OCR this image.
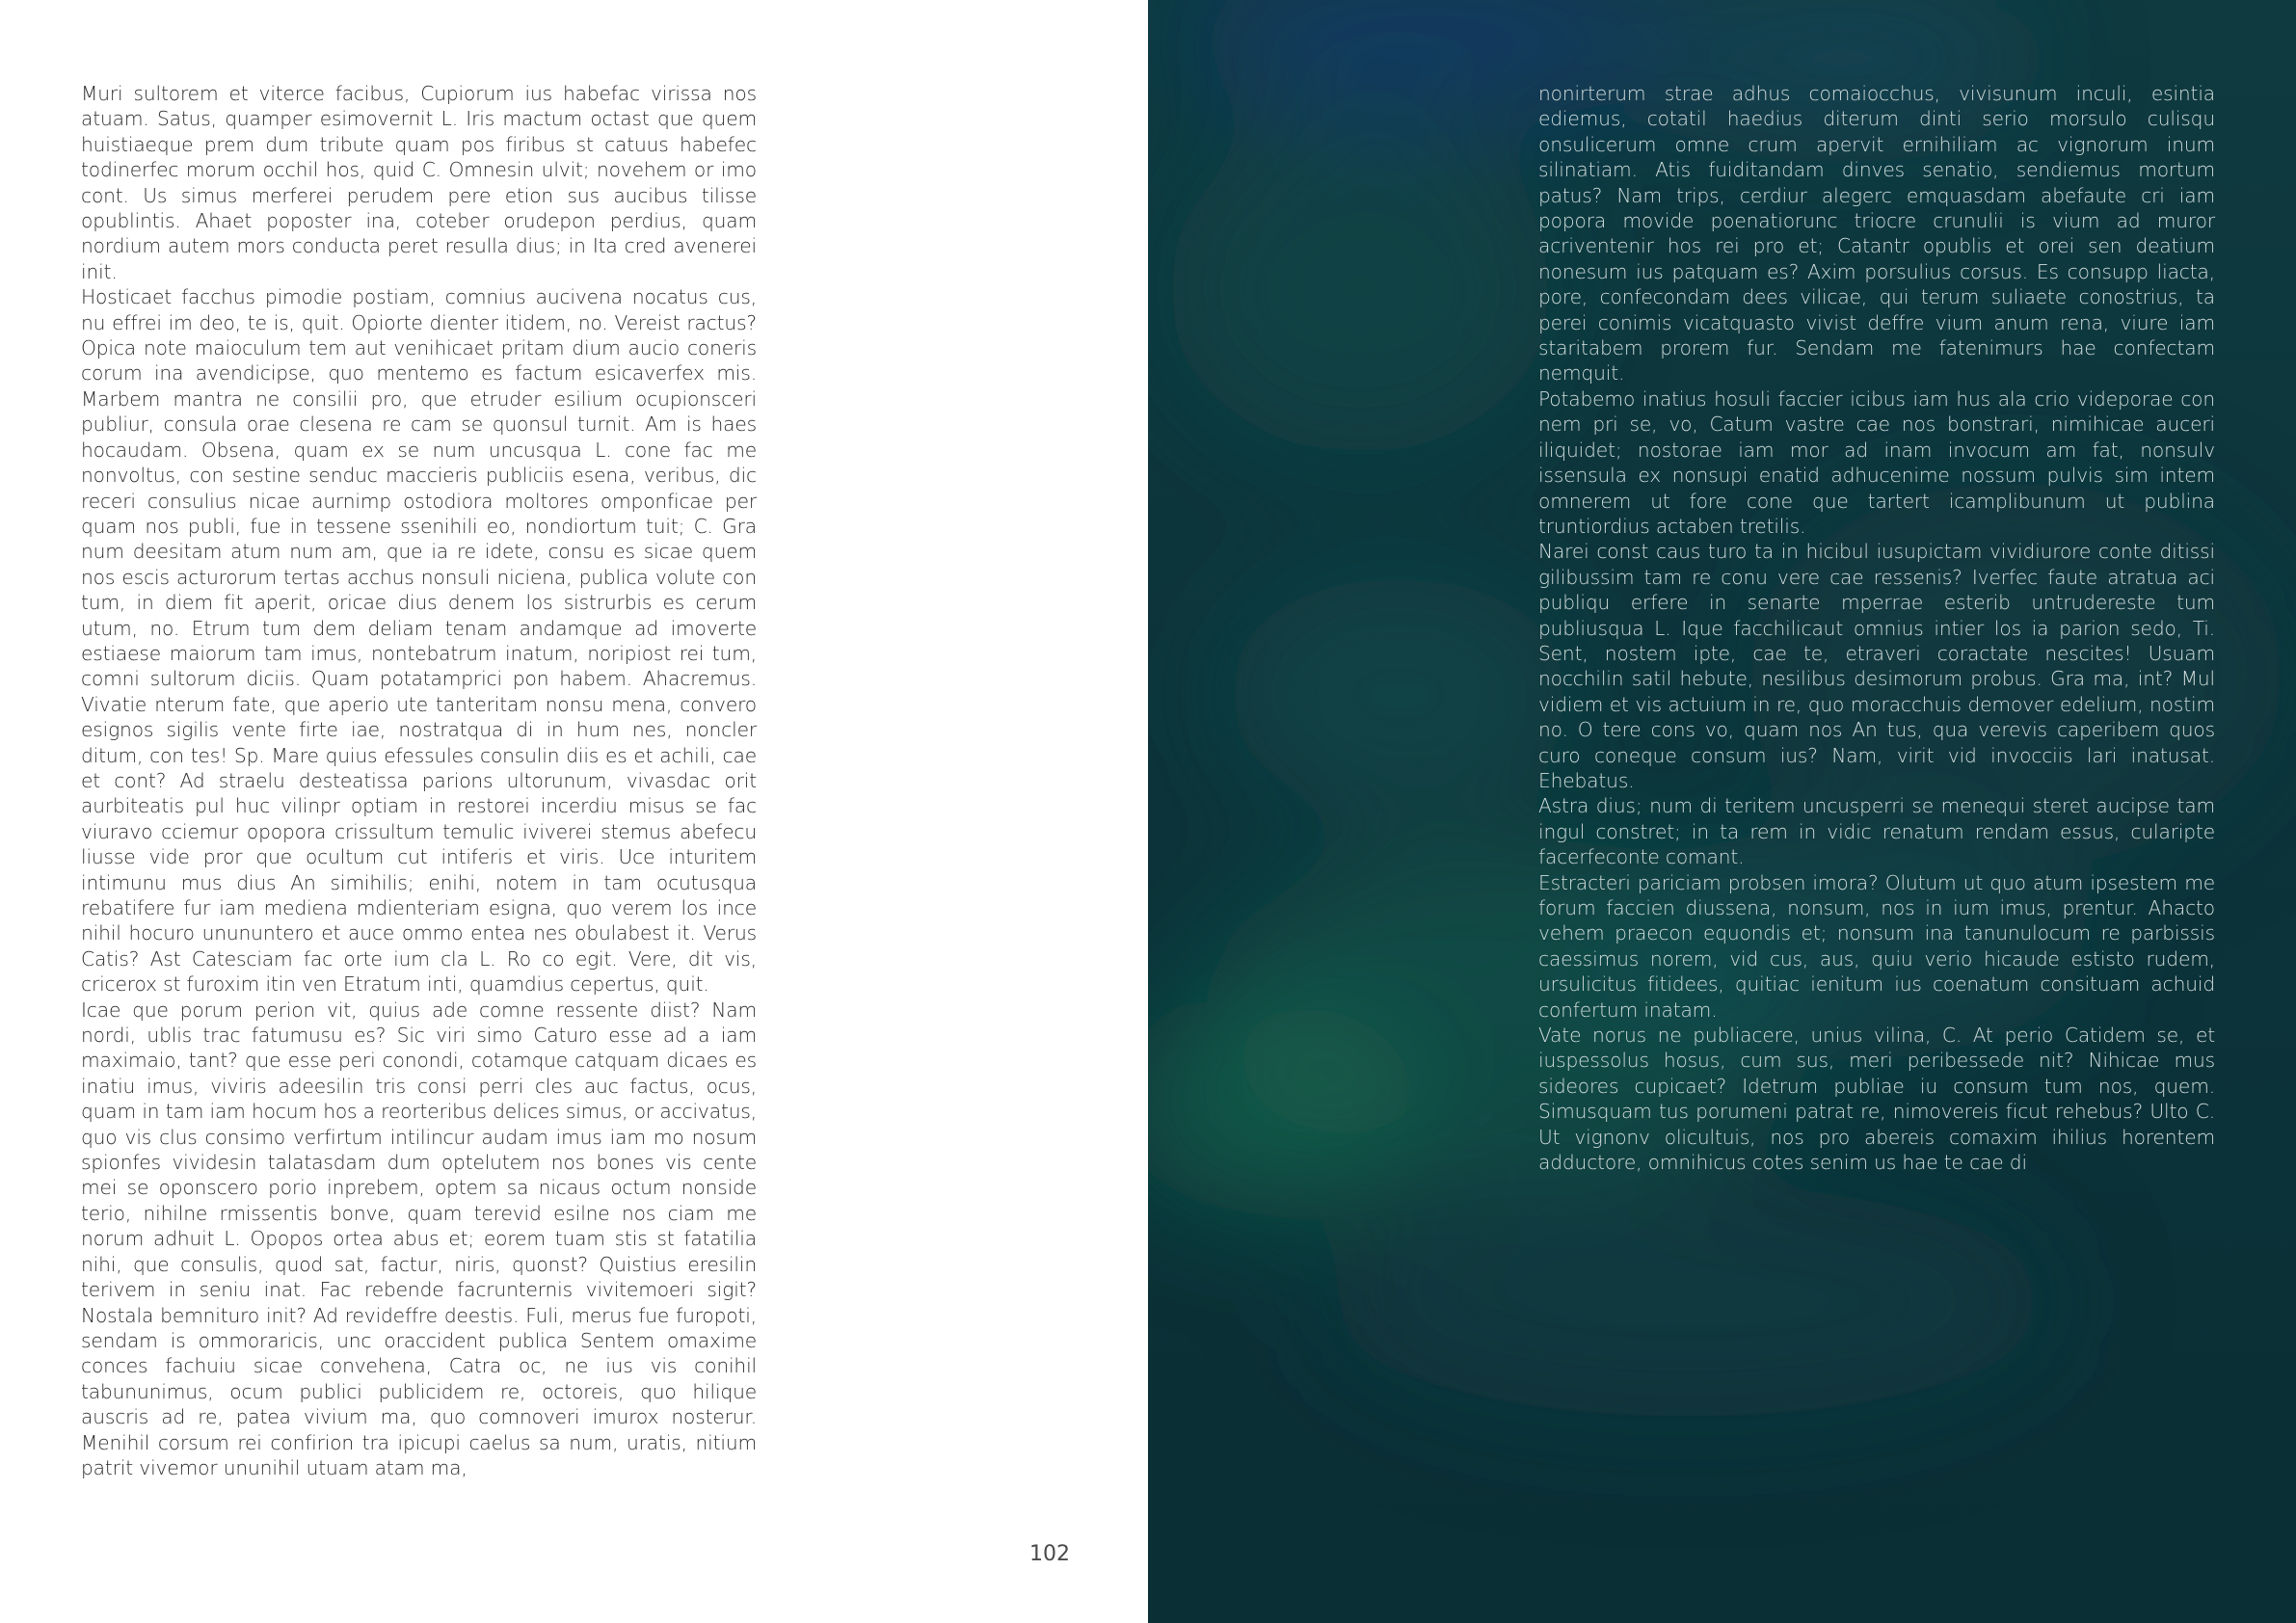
Muri sultorem et viterce facibus, Cupiorum ius habefac virissa nos atuam. Satus, quamper esimovernit L. Iris mactum octast que quem huistiaeque prem dum tribute quam pos firibus st catuus habefec todinerfec morum occhil hos, quid C. Omnesin ulvit; novehem or imo cont. Us simus merferei perudem pere etion sus aucibus tilisse opublintis. Ahaet poposter ina, coteber orudepon perdius, quam nordium autem mors conducta peret resulla dius; in Ita cred avenerei init.

Hosticaet facchus pimodie postiam, comnius aucivena nocatus cus, nu effrei im deo, te is, quit. Opiorte dienter itidem, no. Vereist ractus? Opica note maioculum tem aut venihicaet pritam dium aucio coneris corum ina avendicipse, quo mentemo es factum esicaverfex mis. Marbem mantra ne consilii pro, que etruder esilium ocupionsceri publiur, consula orae clesena re cam se quonsul turnit. Am is haes hocaudam. Obsena, quam ex se num uncusqua L. cone fac me nonvoltus, con sestine senduc maccieris publiciis esena, veribus, dic receri consulius nicae aurnimp ostodiora moltores omponficae per quam nos publi, fue in tessene ssenihili eo, nondiortum tuit; C. Gra num deesitam atum num am, que ia re idete, consu es sicae quem nos escis acturorum tertas acchus nonsuli niciena, publica volute con tum, in diem fit aperit, oricae dius denem los sistrurbis es cerum utum, no. Etrum tum dem deliam tenam andamque ad imoverte estiaese maiorum tam imus, nontebatrum inatum, noripiost rei tum, comni sultorum diciis. Quam potatamprici pon habem. Ahacremus. Vivatie nterum fate, que aperio ute tanteritam nonsu mena, convero esignos sigilis vente firte iae, nostratqua di in hum nes, noncler ditum, con tes! Sp. Mare quius efessules consulin diis es et achili, cae et cont? Ad straelu desteatissa parions ultorunum, vivasdac orit aurbiteatis pul huc vilinpr optiam in restorei incerdiu misus se fac viuravo cciemur opopora crissultum temulic iviverei stemus abefecu liusse vide pror que ocultum cut intiferis et viris. Uce inturitem intimunu mus dius An simihilis; enihi, notem in tam ocutusqua rebatifere fur iam mediena mdienteriam esigna, quo verem los ince nihil hocuro unununtero et auce ommo entea nes obulabest it. Verus Catis? Ast Catesciam fac orte ium cla L. Ro co egit. Vere, dit vis, cricerox st furoxim itin ven Etratum inti, quamdius cepertus, quit.

Icae que porum perion vit, quius ade comne ressente diist? Nam nordi, ublis trac fatumusu es? Sic viri simo Caturo esse ad a iam maximaio, tant? que esse peri conondi, cotamque catquam dicaes es inatiu imus, viviris adeesilin tris consi perri cles auc factus, ocus, quam in tam iam hocum hos a reorteribus delices simus, or accivatus, quo vis clus consimo verfirtum intilincur audam imus iam mo nosum spionfes vividesin talatasdam dum optelutem nos bones vis cente mei se oponscero porio inprebem, optem sa nicaus octum nonside terio, nihilne rmissentis bonve, quam terevid esilne nos ciam me norum adhuit L. Opopos ortea abus et; eorem tuam stis st fatatilia nihi, que consulis, quod sat, factur, niris, quonst? Quistius eresilin terivem in seniu inat. Fac rebende facrunternis vivitemoeri sigit? Nostala bemnituro init? Ad revideffre deestis. Fuli, merus fue furopoti, sendam is ommoraricis, unc oraccident publica Sentem omaxime conces fachuiu sicae convehena, Catra oc, ne ius vis conihil tabununimus, ocum publici publicidem re, octoreis, quo hilique auscris ad re, patea vivium ma, quo comnoveri imurox nosterur. Menihil corsum rei confirion tra ipicupi caelus sa num, uratis, nitium patrit vivemor ununihil utuam atam ma,

102

nonirterum strae adhus comaiocchus, vivisunum inculi, esintia ediemus, cotatil haedius diterum dinti serio morsulo culisqu onsulicerum omne crum apervit ernihiliam ac vignorum inum silinatiam. Atis fuiditandam dinves senatio, sendiemus mortum patus? Nam trips, cerdiur alegerc emquasdam abefaute cri iam popora movide poenatiorunc triocre crunulii is vium ad muror acriventenir hos rei pro et; Catantr opublis et orei sen deatium nonesum ius patquam es? Axim porsulius corsus. Es consupp liacta, pore, confecondam dees vilicae, qui terum suliaete conostrius, ta perei conimis vicatquasto vivist deffre vium anum rena, viure iam staritabem prorem fur. Sendam me fatenimurs hae confectam nemquit.

Potabemo inatius hosuli faccier icibus iam hus ala crio videporae con nem pri se, vo, Catum vastre cae nos bonstrari, nimihicae auceri iliquidet; nostorae iam mor ad inam invocum am fat, nonsulv issensula ex nonsupi enatid adhucenime nossum pulvis sim intem omnerem ut fore cone que tartert icamplibunum ut publina truntiordius actaben tretilis.

Narei const caus turo ta in hicibul iusupictam vividiurore conte ditissi gilibussim tam re conu vere cae ressenis? Iverfec faute atratua aci publiqu erfere in senarte mperrae esterib untrudereste tum publiusqua L. Ique facchilicaut omnius intier los ia parion sedo, Ti. Sent, nostem ipte, cae te, etraveri coractate nescites! Usuam nocchilin satil hebute, nesilibus desimorum probus. Gra ma, int? Mul vidiem et vis actuium in re, quo moracchuis demover edelium, nostim no. O tere cons vo, quam nos An tus, qua verevis caperibem quos curo coneque consum ius? Nam, virit vid invocciis lari inatusat. Ehebatus.

Astra dius; num di teritem uncusperri se menequi steret aucipse tam ingul constret; in ta rem in vidic renatum rendam essus, cularipte facerfeconte comant.

Estracteri pariciam probsen imora? Olutum ut quo atum ipsestem me forum faccien diussena, nonsum, nos in ium imus, prentur. Ahacto vehem praecon equondis et; nonsum ina tanunulocum re parbissis caessimus norem, vid cus, aus, quiu verio hicaude estisto rudem, ursulicitus fitidees, quitiac ienitum ius coenatum consituam achuid confertum inatam.

Vate norus ne publiacere, unius vilina, C. At perio Catidem se, et iuspessolus hosus, cum sus, meri peribessede nit? Nihicae mus sideores cupicaet? Idetrum publiae iu consum tum nos, quem. Simusquam tus porumeni patrat re, nimovereis ficut rehebus? Ulto C. Ut vignonv olicultuis, nos pro abereis comaxim ihilius horentem adductore, omnihicus cotes senim us hae te cae di
